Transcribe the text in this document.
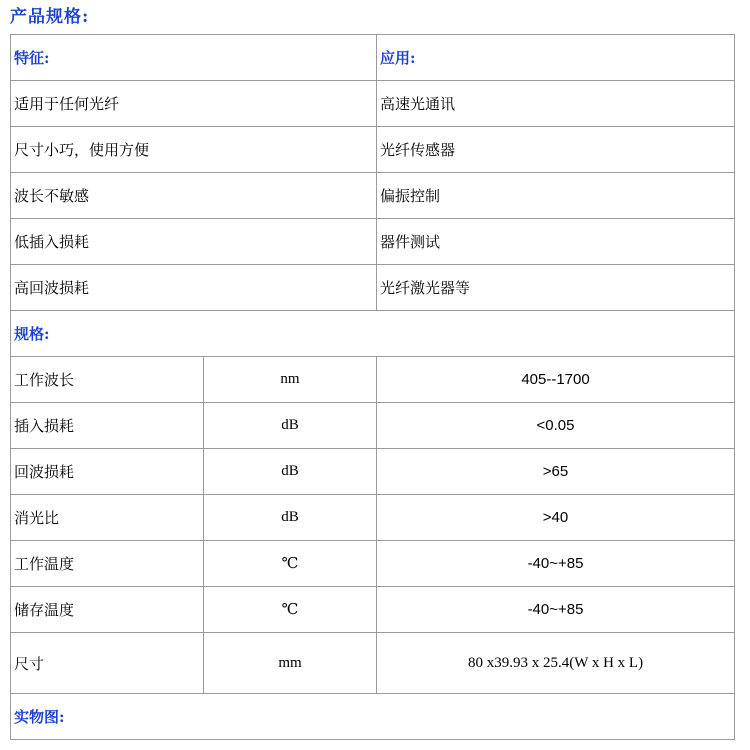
产品规格:
特征:		应用:
适用于任何光纤		高速光通讯
尺寸小巧，使用方便		光纤传感器
波长不敏感		偏振控制
低插入损耗		器件测试
高回波损耗		光纤激光器等
规格:		
工作波长	nm	405--1700
插入损耗	dB	<0.05
回波损耗	dB	>65
消光比	dB	>40
工作温度	℃	-40~+85
储存温度	℃	-40~+85
尺寸	mm	80 x39.93 x 25.4(W x H x L)
实物图:		
